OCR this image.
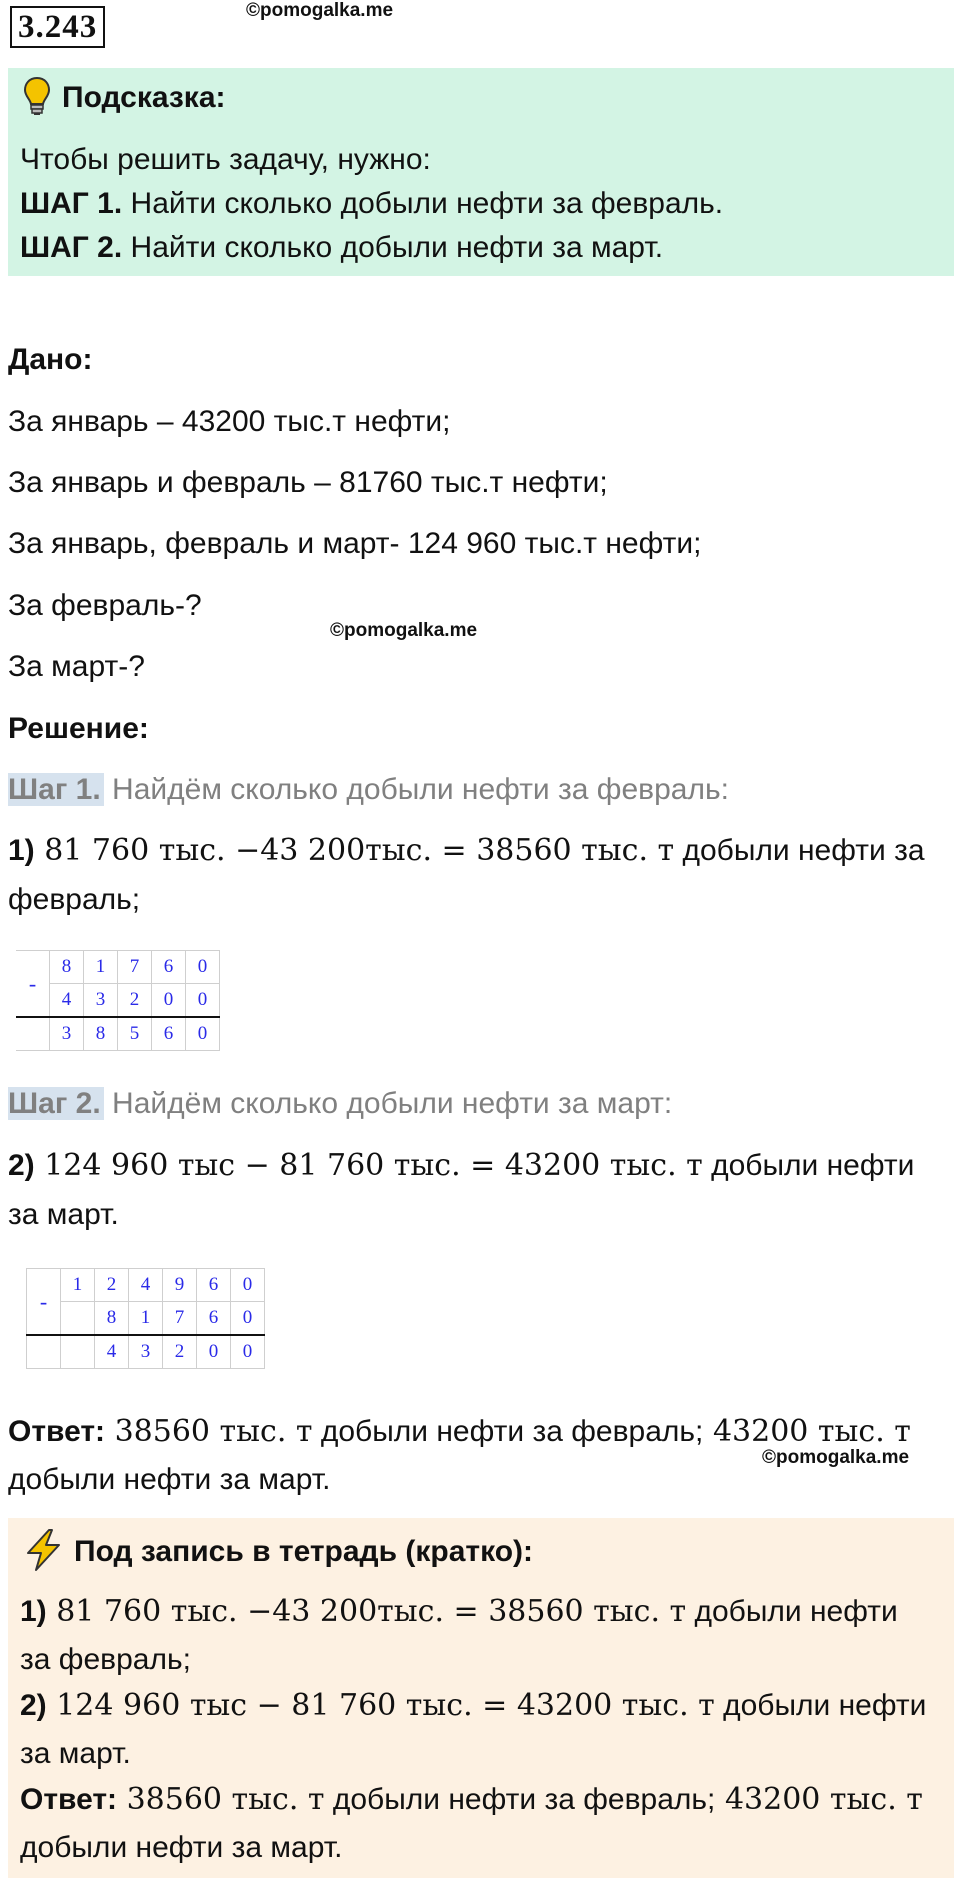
3.243	©pomogalka.me
Подсказка:

Чтобы решить задачу, нужно:

ШАГ 1. Найти сколько добыли нефти за февраль.

ШАГ 2. Найти сколько добыли нефти за март.

Дано:

За январь – 43200 тыс.т нефти;

За январь и февраль – 81760 тыс.т нефти;

За январь, февраль и март- 124 960 тыс.т нефти;

За февраль-?

©pomogalka.me

За март-?

Решение:

Шаг 1. Найдём сколько добыли нефти за февраль:

1) 81 760 тыс. −43 200тыс. = 38560 тыс. т добыли нефти за

февраль;

-	8	1	7	6	0
	4	3	2	0	0
	3	8	5	6	0

Шаг 2. Найдём сколько добыли нефти за март:

2) 124 960 тыс − 81 760 тыс. = 43200 тыс. т добыли нефти

за март.

-	1	2	4	9	6	0
		8	1	7	6	0
		4	3	2	0	0

Ответ: 38560 тыс. т добыли нефти за февраль; 43200 тыс. т

©pomogalka.me

добыли нефти за март.

Под запись в тетрадь (кратко):

1) 81 760 тыс. −43 200тыс. = 38560 тыс. т добыли нефти

за февраль;

2) 124 960 тыс − 81 760 тыс. = 43200 тыс. т добыли нефти

за март.

Ответ: 38560 тыс. т добыли нефти за февраль; 43200 тыс. т

добыли нефти за март.
